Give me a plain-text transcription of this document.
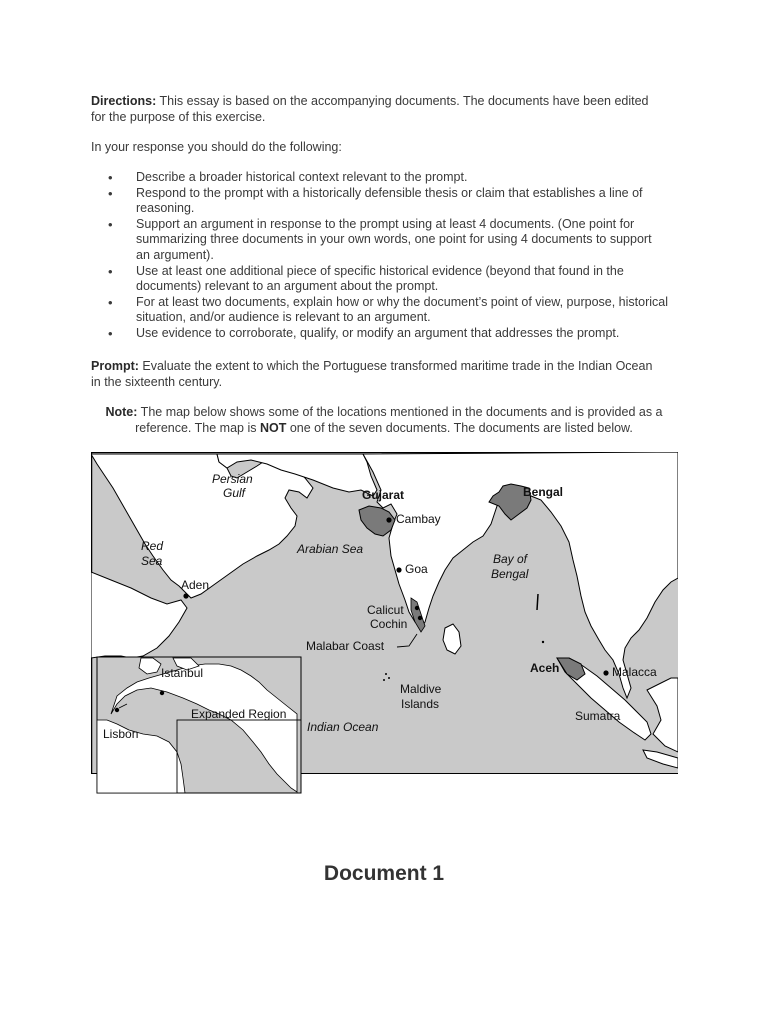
Directions: This essay is based on the accompanying documents. The documents have been edited for the purpose of this exercise.
In your response you should do the following:
• Describe a broader historical context relevant to the prompt.
• Respond to the prompt with a historically defensible thesis or claim that establishes a line of reasoning.
• Support an argument in response to the prompt using at least 4 documents. (One point for summarizing three documents in your own words, one point for using 4 documents to support an argument).
• Use at least one additional piece of specific historical evidence (beyond that found in the documents) relevant to an argument about the prompt.
• For at least two documents, explain how or why the document’s point of view, purpose, historical situation, and/or audience is relevant to an argument.
• Use evidence to corroborate, qualify, or modify an argument that addresses the prompt.
Prompt: Evaluate the extent to which the Portuguese transformed maritime trade in the Indian Ocean in the sixteenth century.
Note: The map below shows some of the locations mentioned in the documents and is provided as a reference. The map is NOT one of the seven documents. The documents are listed below.
Persian
Gulf	Gujarat
Cambay
Bengal
Red
Sea
Arabian Sea
Bay of
Bengal
Aden
Goa
Calicut
Cochin
Malabar Coast
Aceh	Malacca
Maldive
Islands
Sumatra
Indian Ocean
Istanbul
Expanded Region
Lisbon
Document 1
